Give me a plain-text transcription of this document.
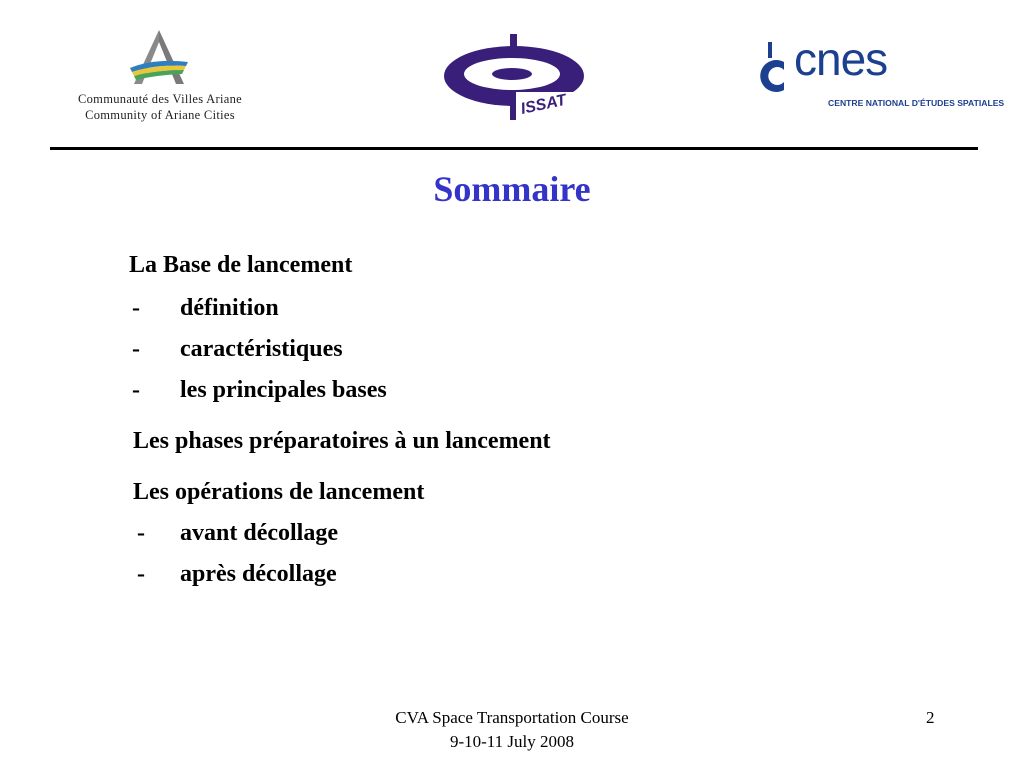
Communauté des Villes Ariane
Community of Ariane Cities	ISSAT
cnes
CENTRE NATIONAL D'ÉTUDES SPATIALES
Sommaire
La Base de lancement
- définition
- caractéristiques
- les principales bases
Les phases préparatoires à un lancement
Les opérations de lancement
- avant décollage
- après décollage
CVA Space Transportation Course
9-10-11 July 2008
2
